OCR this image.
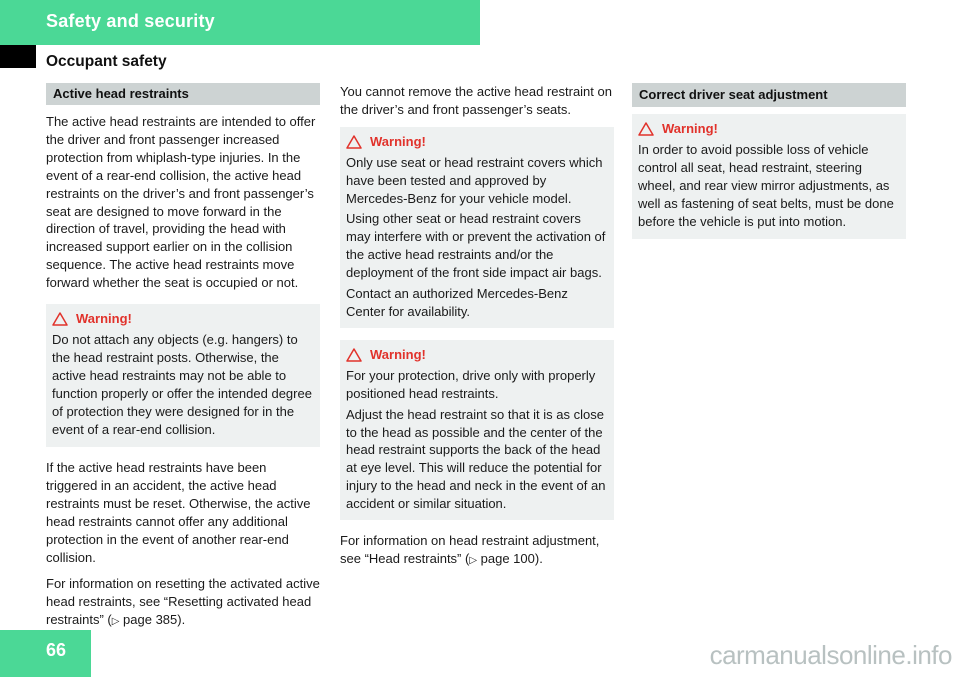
Safety and security
Occupant safety
Active head restraints

The active head restraints are intended to offer the driver and front passenger increased protection from whiplash-type injuries. In the event of a rear-end collision, the active head restraints on the driver’s and front passenger’s seat are designed to move forward in the direction of travel, providing the head with increased support earlier on in the collision sequence. The active head restraints move forward whether the seat is occupied or not.

Warning!

Do not attach any objects (e.g. hangers) to the head restraint posts. Otherwise, the active head restraints may not be able to function properly or offer the intended degree of protection they were designed for in the event of a rear-end collision.

If the active head restraints have been triggered in an accident, the active head restraints must be reset. Otherwise, the active head restraints cannot offer any additional protection in the event of another rear-end collision.

For information on resetting the activated active head restraints, see “Resetting activated head restraints” (▷ page 385).

You cannot remove the active head restraint on the driver’s and front passenger’s seats.

Warning!

Only use seat or head restraint covers which have been tested and approved by Mercedes-Benz for your vehicle model.

Using other seat or head restraint covers may interfere with or prevent the activation of the active head restraints and/or the deployment of the front side impact air bags.

Contact an authorized Mercedes-Benz Center for availability.

Warning!

For your protection, drive only with properly positioned head restraints.

Adjust the head restraint so that it is as close to the head as possible and the center of the head restraint supports the back of the head at eye level. This will reduce the potential for injury to the head and neck in the event of an accident or similar situation.

For information on head restraint adjustment, see “Head restraints” (▷ page 100).

Correct driver seat adjustment
Warning!

In order to avoid possible loss of vehicle control all seat, head restraint, steering wheel, and rear view mirror adjustments, as well as fastening of seat belts, must be done before the vehicle is put into motion.

66	carmanualsonline.info
